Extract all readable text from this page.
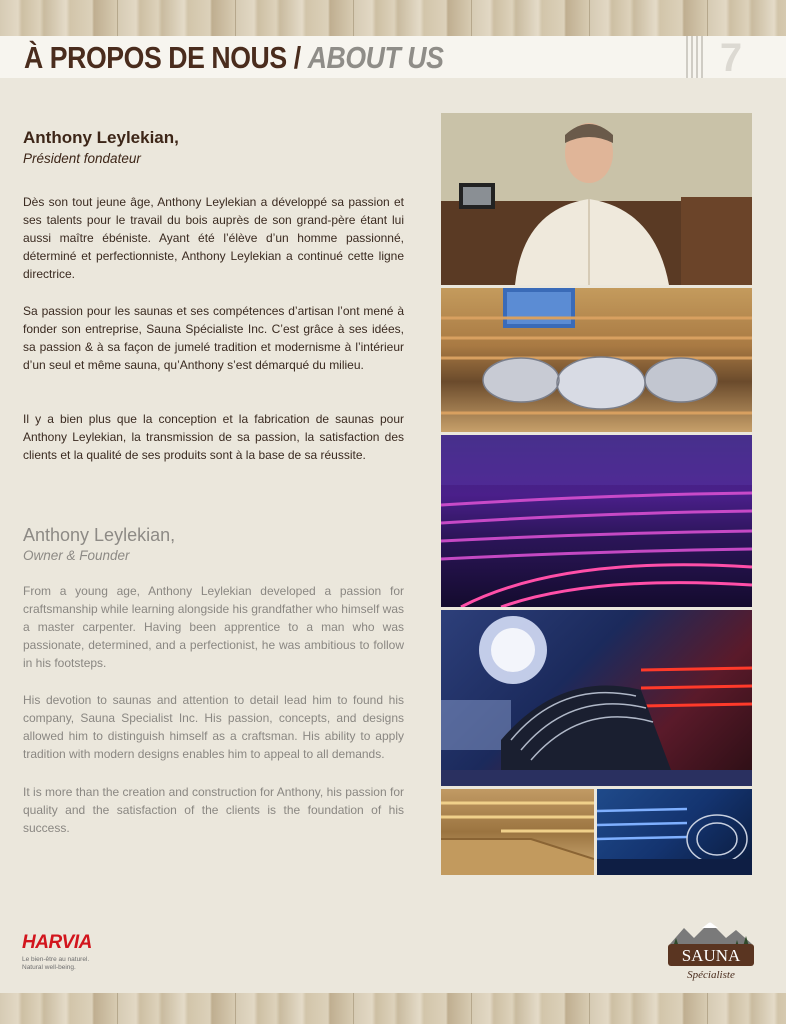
À PROPOS DE NOUS / ABOUT US	7

Anthony Leylekian,

Président fondateur

Dès son tout jeune âge, Anthony Leylekian a développé sa passion et ses talents pour le travail du bois auprès de son grand-père étant lui aussi maître ébéniste. Ayant été l’élève d’un homme passionné, déterminé et perfectionniste, Anthony Leylekian a continué cette ligne directrice.

Sa passion pour les saunas et ses compétences d’artisan l’ont mené à fonder son entreprise, Sauna Spécialiste Inc. C’est grâce à ses idées, sa passion & à sa façon de jumelé tradition et modernisme à l’intérieur d’un seul et même sauna, qu’Anthony s’est démarqué du milieu.

Il y a bien plus que la conception et la fabrication de saunas pour Anthony Leylekian, la transmission de sa passion, la satisfaction des clients et la qualité de ses produits sont à la base de sa réussite.

Anthony Leylekian,

Owner & Founder

From a young age, Anthony Leylekian developed a passion for craftsmanship while learning alongside his grandfather who himself was a master carpenter. Having been apprentice to a man who was passionate, determined, and a perfectionist, he was ambitious to follow in his footsteps.

His devotion to saunas and attention to detail lead him to found his company, Sauna Specialist Inc. His passion, concepts, and designs allowed him to distinguish himself as a craftsman. His ability to apply tradition with modern designs enables him to appeal to all demands.

It is more than the creation and construction for Anthony, his passion for quality and the satisfaction of the clients is the foundation of his success.

HARVIA
Le bien-être au naturel.
Natural well-being.
SAUNA
Spécialiste
